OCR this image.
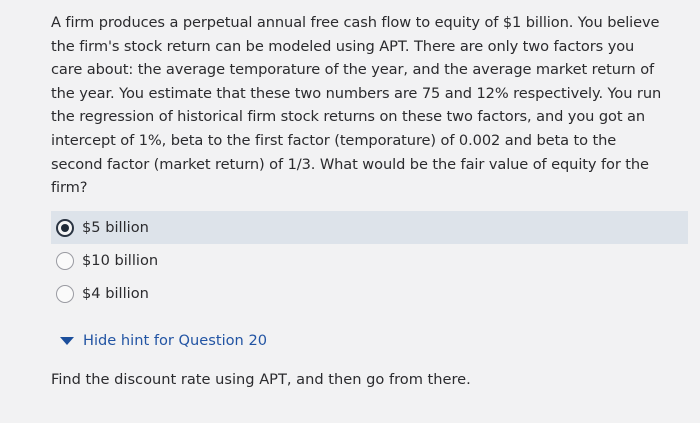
A firm produces a perpetual annual free cash flow to equity of $1 billion. You believe
the firm's stock return can be modeled using APT. There are only two factors you
care about: the average temporature of the year, and the average market return of
the year. You estimate that these two numbers are 75 and 12% respectively. You run
the regression of historical firm stock returns on these two factors, and you got an
intercept of 1%, beta to the first factor (temporature) of 0.002 and beta to the
second factor (market return) of 1/3. What would be the fair value of equity for the
firm?
$5 billion
$10 billion
$4 billion
Hide hint for Question 20
Find the discount rate using APT, and then go from there.
